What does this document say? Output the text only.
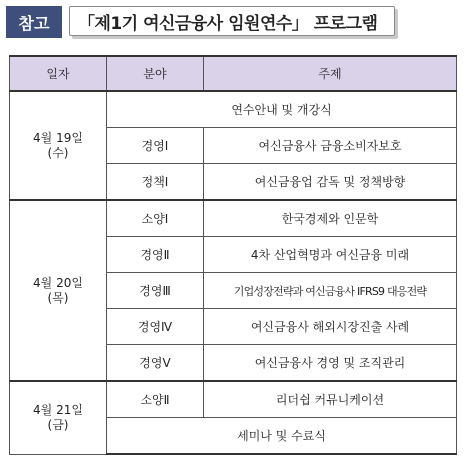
참고	「제1기 여신금융사 임원연수」 프로그램
일자	분야	주제

4월 19일
(수)	연수안내 및 개강식	
	경영Ⅰ	여신금융사 금융소비자보호
	정책Ⅰ	여신금융업 감독 및 정책방향

4월 20일
(목)	소양Ⅰ	한국경제와 인문학
	경영Ⅱ	4차 산업혁명과 여신금융 미래
	경영Ⅲ	기업성장전략과 여신금융사 IFRS9 대응전략
	경영Ⅳ	여신금융사 해외시장진출 사례
	경영Ⅴ	여신금융사 경영 및 조직관리

4월 21일
(금)	소양Ⅱ	리더쉽 커뮤니케이션
	세미나 및 수료식	
